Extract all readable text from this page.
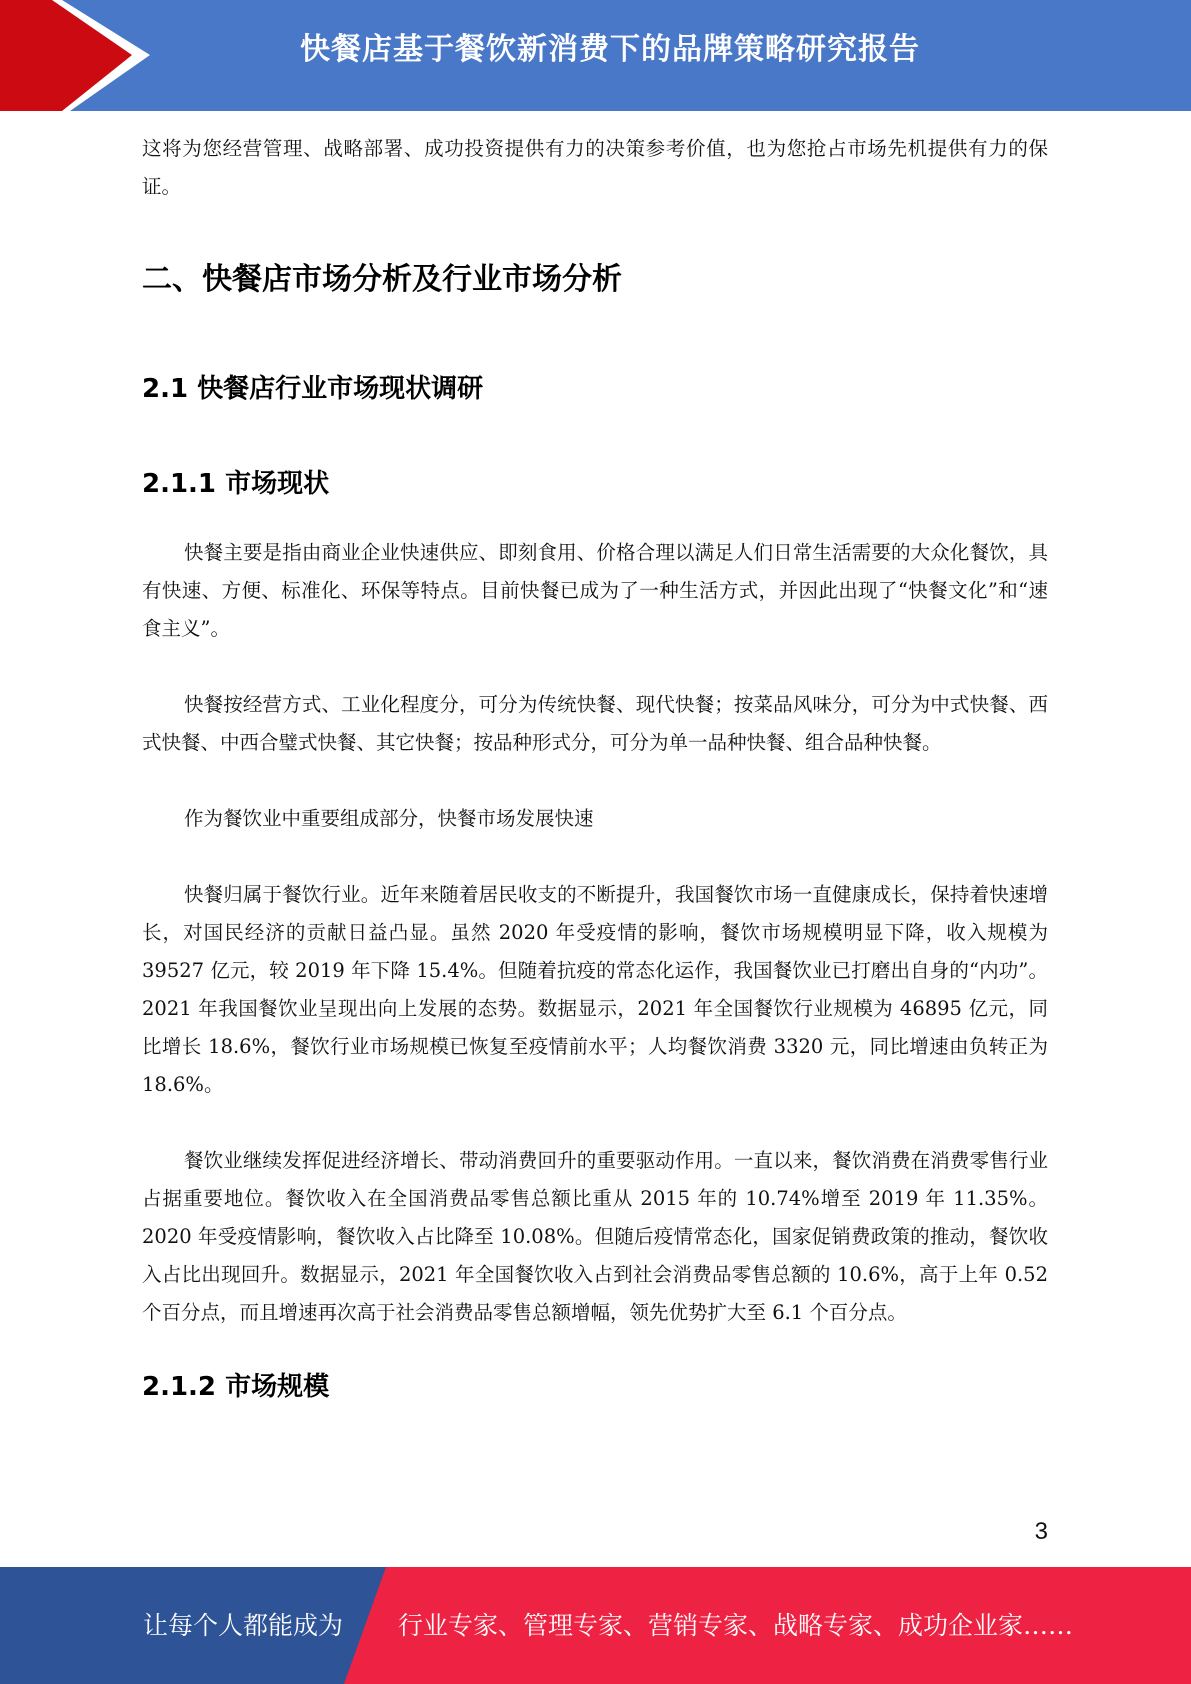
快餐店基于餐饮新消费下的品牌策略研究报告

这将为您经营管理、战略部署、成功投资提供有力的决策参考价值，也为您抢占市场先机提供有力的保证。

二、快餐店市场分析及行业市场分析
2.1 快餐店行业市场现状调研
2.1.1 市场现状

快餐主要是指由商业企业快速供应、即刻食用、价格合理以满足人们日常生活需要的大众化餐饮，具有快速、方便、标准化、环保等特点。目前快餐已成为了一种生活方式，并因此出现了“快餐文化”和“速食主义”。

快餐按经营方式、工业化程度分，可分为传统快餐、现代快餐；按菜品风味分，可分为中式快餐、西式快餐、中西合璧式快餐、其它快餐；按品种形式分，可分为单一品种快餐、组合品种快餐。

作为餐饮业中重要组成部分，快餐市场发展快速

快餐归属于餐饮行业。近年来随着居民收支的不断提升，我国餐饮市场一直健康成长，保持着快速增长，对国民经济的贡献日益凸显。虽然 2020 年受疫情的影响，餐饮市场规模明显下降，收入规模为 39527 亿元，较 2019 年下降 15.4%。但随着抗疫的常态化运作，我国餐饮业已打磨出自身的“内功”。2021 年我国餐饮业呈现出向上发展的态势。数据显示，2021 年全国餐饮行业规模为 46895 亿元，同比增长 18.6%，餐饮行业市场规模已恢复至疫情前水平；人均餐饮消费 3320 元，同比增速由负转正为 18.6%。

餐饮业继续发挥促进经济增长、带动消费回升的重要驱动作用。一直以来，餐饮消费在消费零售行业占据重要地位。餐饮收入在全国消费品零售总额比重从 2015 年的 10.74%增至 2019 年 11.35%。2020 年受疫情影响，餐饮收入占比降至 10.08%。但随后疫情常态化，国家促销费政策的推动，餐饮收入占比出现回升。数据显示，2021 年全国餐饮收入占到社会消费品零售总额的 10.6%，高于上年 0.52 个百分点，而且增速再次高于社会消费品零售总额增幅，领先优势扩大至 6.1 个百分点。

2.1.2 市场规模
3
让每个人都能成为 行业专家、管理专家、营销专家、战略专家、成功企业家……
